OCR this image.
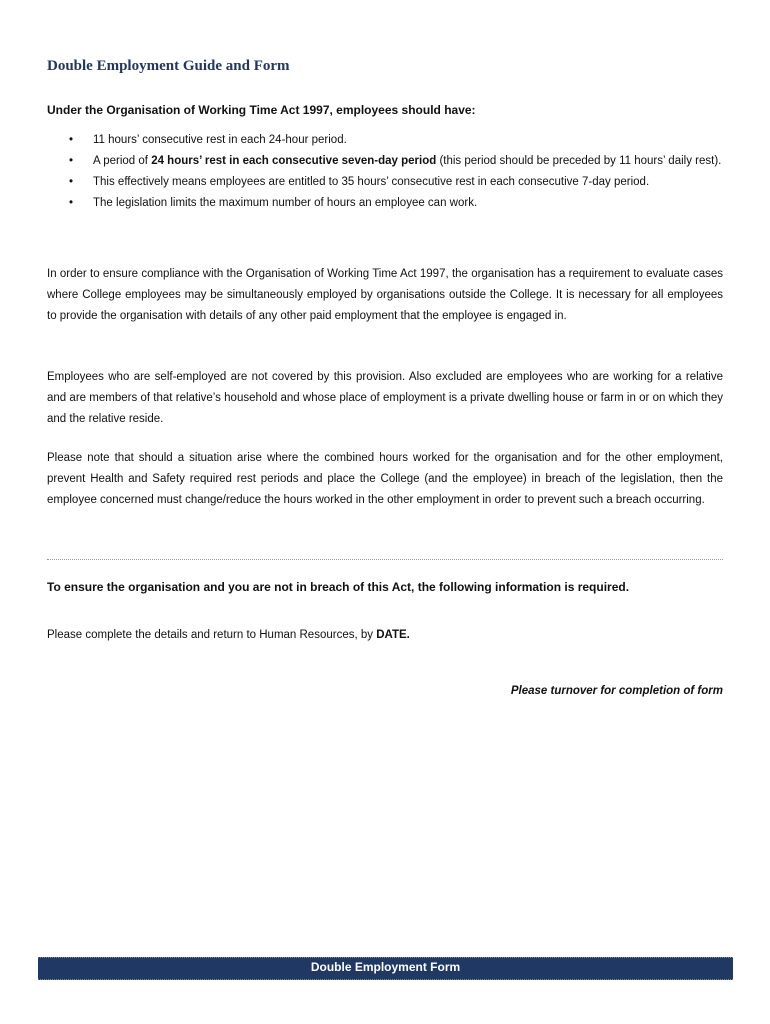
Double Employment Guide and Form

Under the Organisation of Working Time Act 1997, employees should have:

• 11 hours’ consecutive rest in each 24-hour period.
• A period of 24 hours’ rest in each consecutive seven-day period (this period should be preceded by 11 hours’ daily rest).
• This effectively means employees are entitled to 35 hours’ consecutive rest in each consecutive 7-day period.
• The legislation limits the maximum number of hours an employee can work.

In order to ensure compliance with the Organisation of Working Time Act 1997, the organisation has a requirement to evaluate cases where College employees may be simultaneously employed by organisations outside the College. It is necessary for all employees to provide the organisation with details of any other paid employment that the employee is engaged in.

Employees who are self-employed are not covered by this provision. Also excluded are employees who are working for a relative and are members of that relative’s household and whose place of employment is a private dwelling house or farm in or on which they and the relative reside.

Please note that should a situation arise where the combined hours worked for the organisation and for the other employment, prevent Health and Safety required rest periods and place the College (and the employee) in breach of the legislation, then the employee concerned must change/reduce the hours worked in the other employment in order to prevent such a breach occurring.

To ensure the organisation and you are not in breach of this Act, the following information is required.

Please complete the details and return to Human Resources, by DATE.

Please turnover for completion of form

Double Employment Form
